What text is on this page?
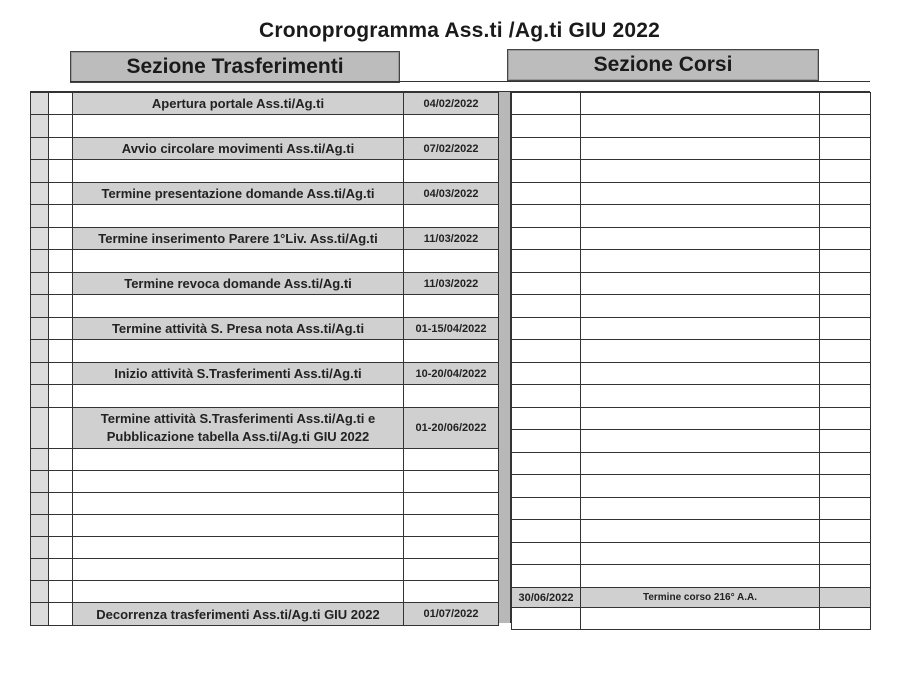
Cronoprogramma Ass.ti /Ag.ti GIU 2022
Sezione Trasferimenti	Sezione Corsi
		Apertura portale Ass.ti/Ag.ti	04/02/2022

		Avvio circolare movimenti Ass.ti/Ag.ti	07/02/2022

		Termine presentazione domande Ass.ti/Ag.ti	04/03/2022

		Termine inserimento Parere 1°Liv. Ass.ti/Ag.ti	11/03/2022

		Termine revoca domande Ass.ti/Ag.ti	11/03/2022

		Termine attività S. Presa nota Ass.ti/Ag.ti	01-15/04/2022

		Inizio attività S.Trasferimenti Ass.ti/Ag.ti	10-20/04/2022

		Termine attività S.Trasferimenti Ass.ti/Ag.ti e
Pubblicazione tabella Ass.ti/Ag.ti GIU 2022	01-20/06/2022

		Decorrenza trasferimenti Ass.ti/Ag.ti GIU 2022	01/07/2022

30/06/2022	Termine corso 216° A.A.	
